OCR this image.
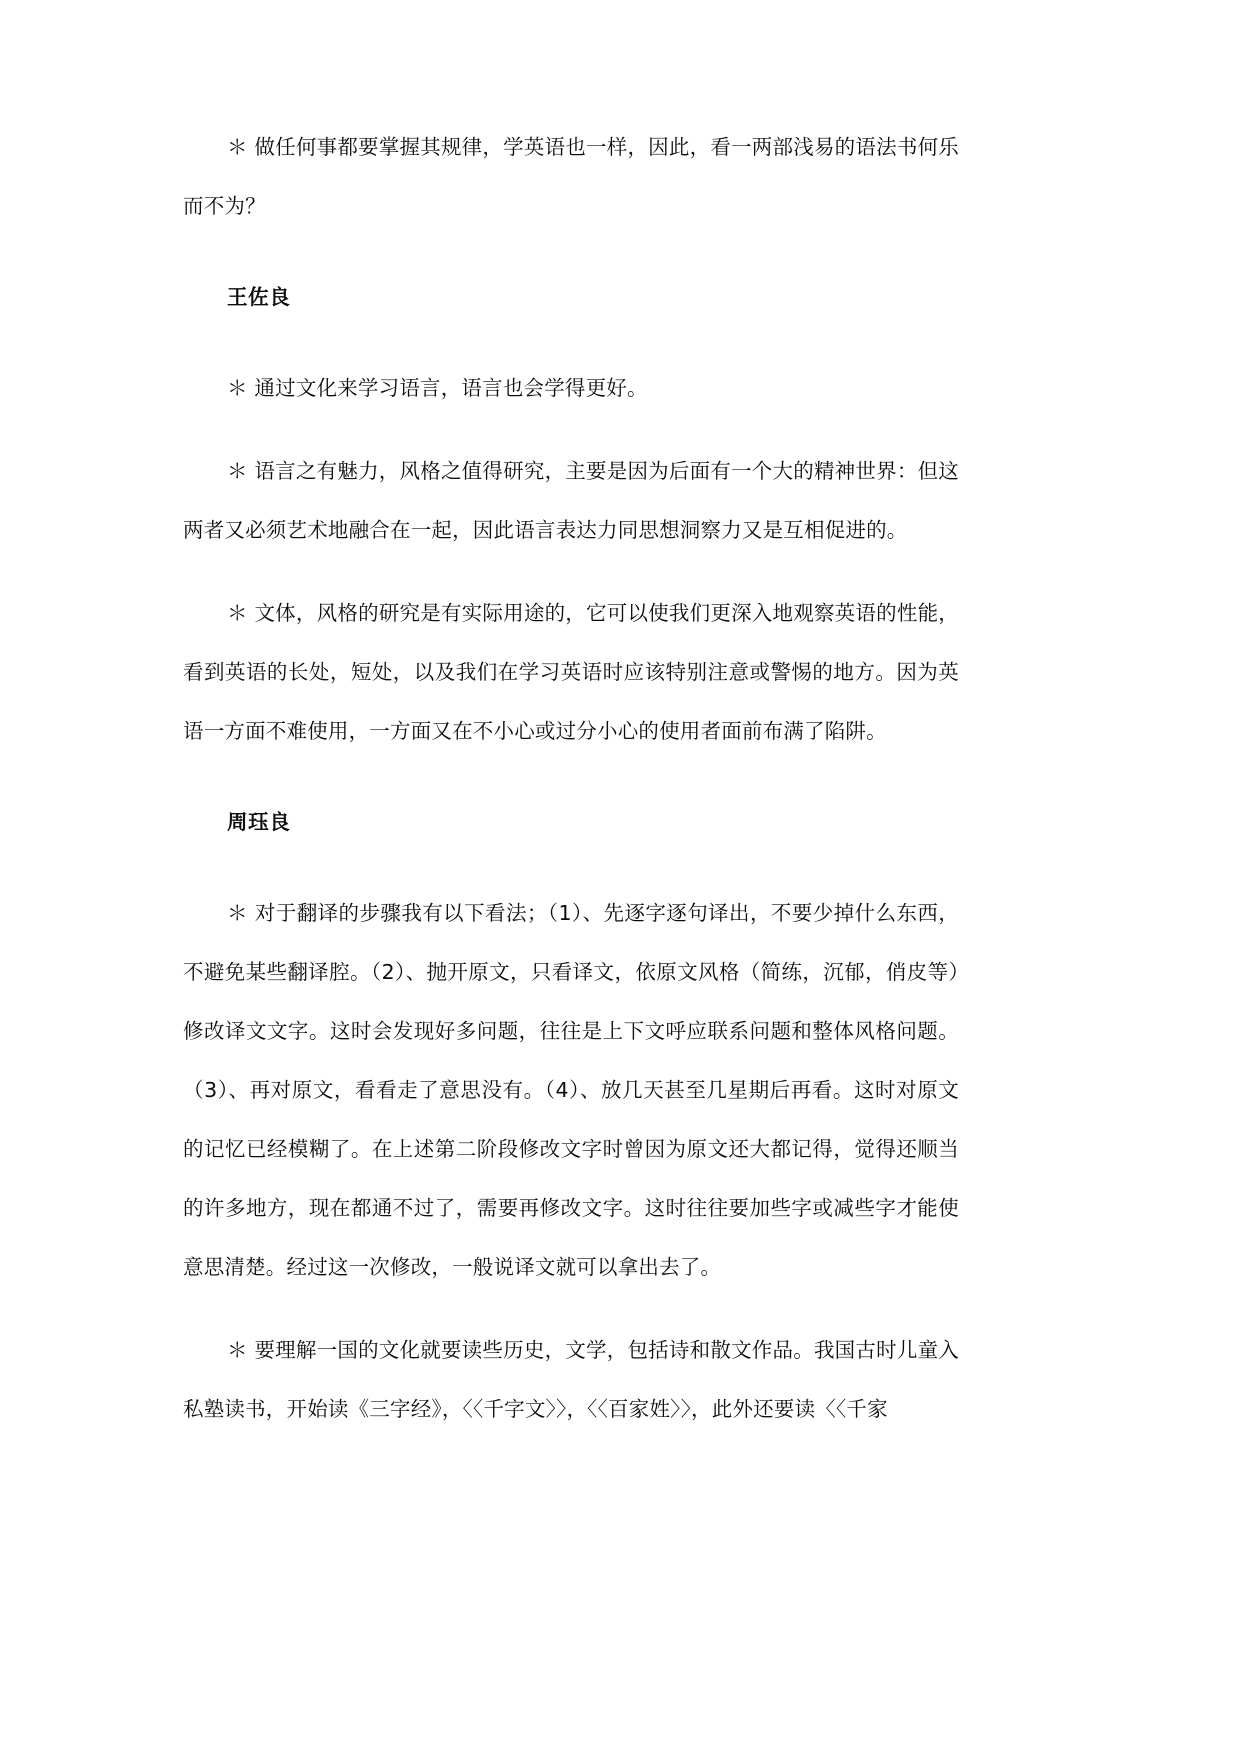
＊ 做任何事都要掌握其规律，学英语也一样，因此，看一两部浅易的语法书何乐而不为？

王佐良

＊ 通过文化来学习语言，语言也会学得更好。

＊ 语言之有魅力，风格之值得研究，主要是因为后面有一个大的精神世界：但这两者又必须艺术地融合在一起，因此语言表达力同思想洞察力又是互相促进的。

＊ 文体，风格的研究是有实际用途的，它可以使我们更深入地观察英语的性能，看到英语的长处，短处，以及我们在学习英语时应该特别注意或警惕的地方。因为英语一方面不难使用，一方面又在不小心或过分小心的使用者面前布满了陷阱。

周珏良

＊ 对于翻译的步骤我有以下看法；（1）、先逐字逐句译出，不要少掉什么东西，不避免某些翻译腔。（2）、抛开原文，只看译文，依原文风格（简练，沉郁，俏皮等）修改译文文字。这时会发现好多问题，往往是上下文呼应联系问题和整体风格问题。（3）、再对原文，看看走了意思没有。（4）、放几天甚至几星期后再看。这时对原文的记忆已经模糊了。在上述第二阶段修改文字时曾因为原文还大都记得，觉得还顺当的许多地方，现在都通不过了，需要再修改文字。这时往往要加些字或减些字才能使意思清楚。经过这一次修改，一般说译文就可以拿出去了。

＊ 要理解一国的文化就要读些历史，文学，包括诗和散文作品。我国古时儿童入私塾读书，开始读《三字经》，〈〈千字文〉〉，〈〈百家姓〉〉，此外还要读〈〈千家
